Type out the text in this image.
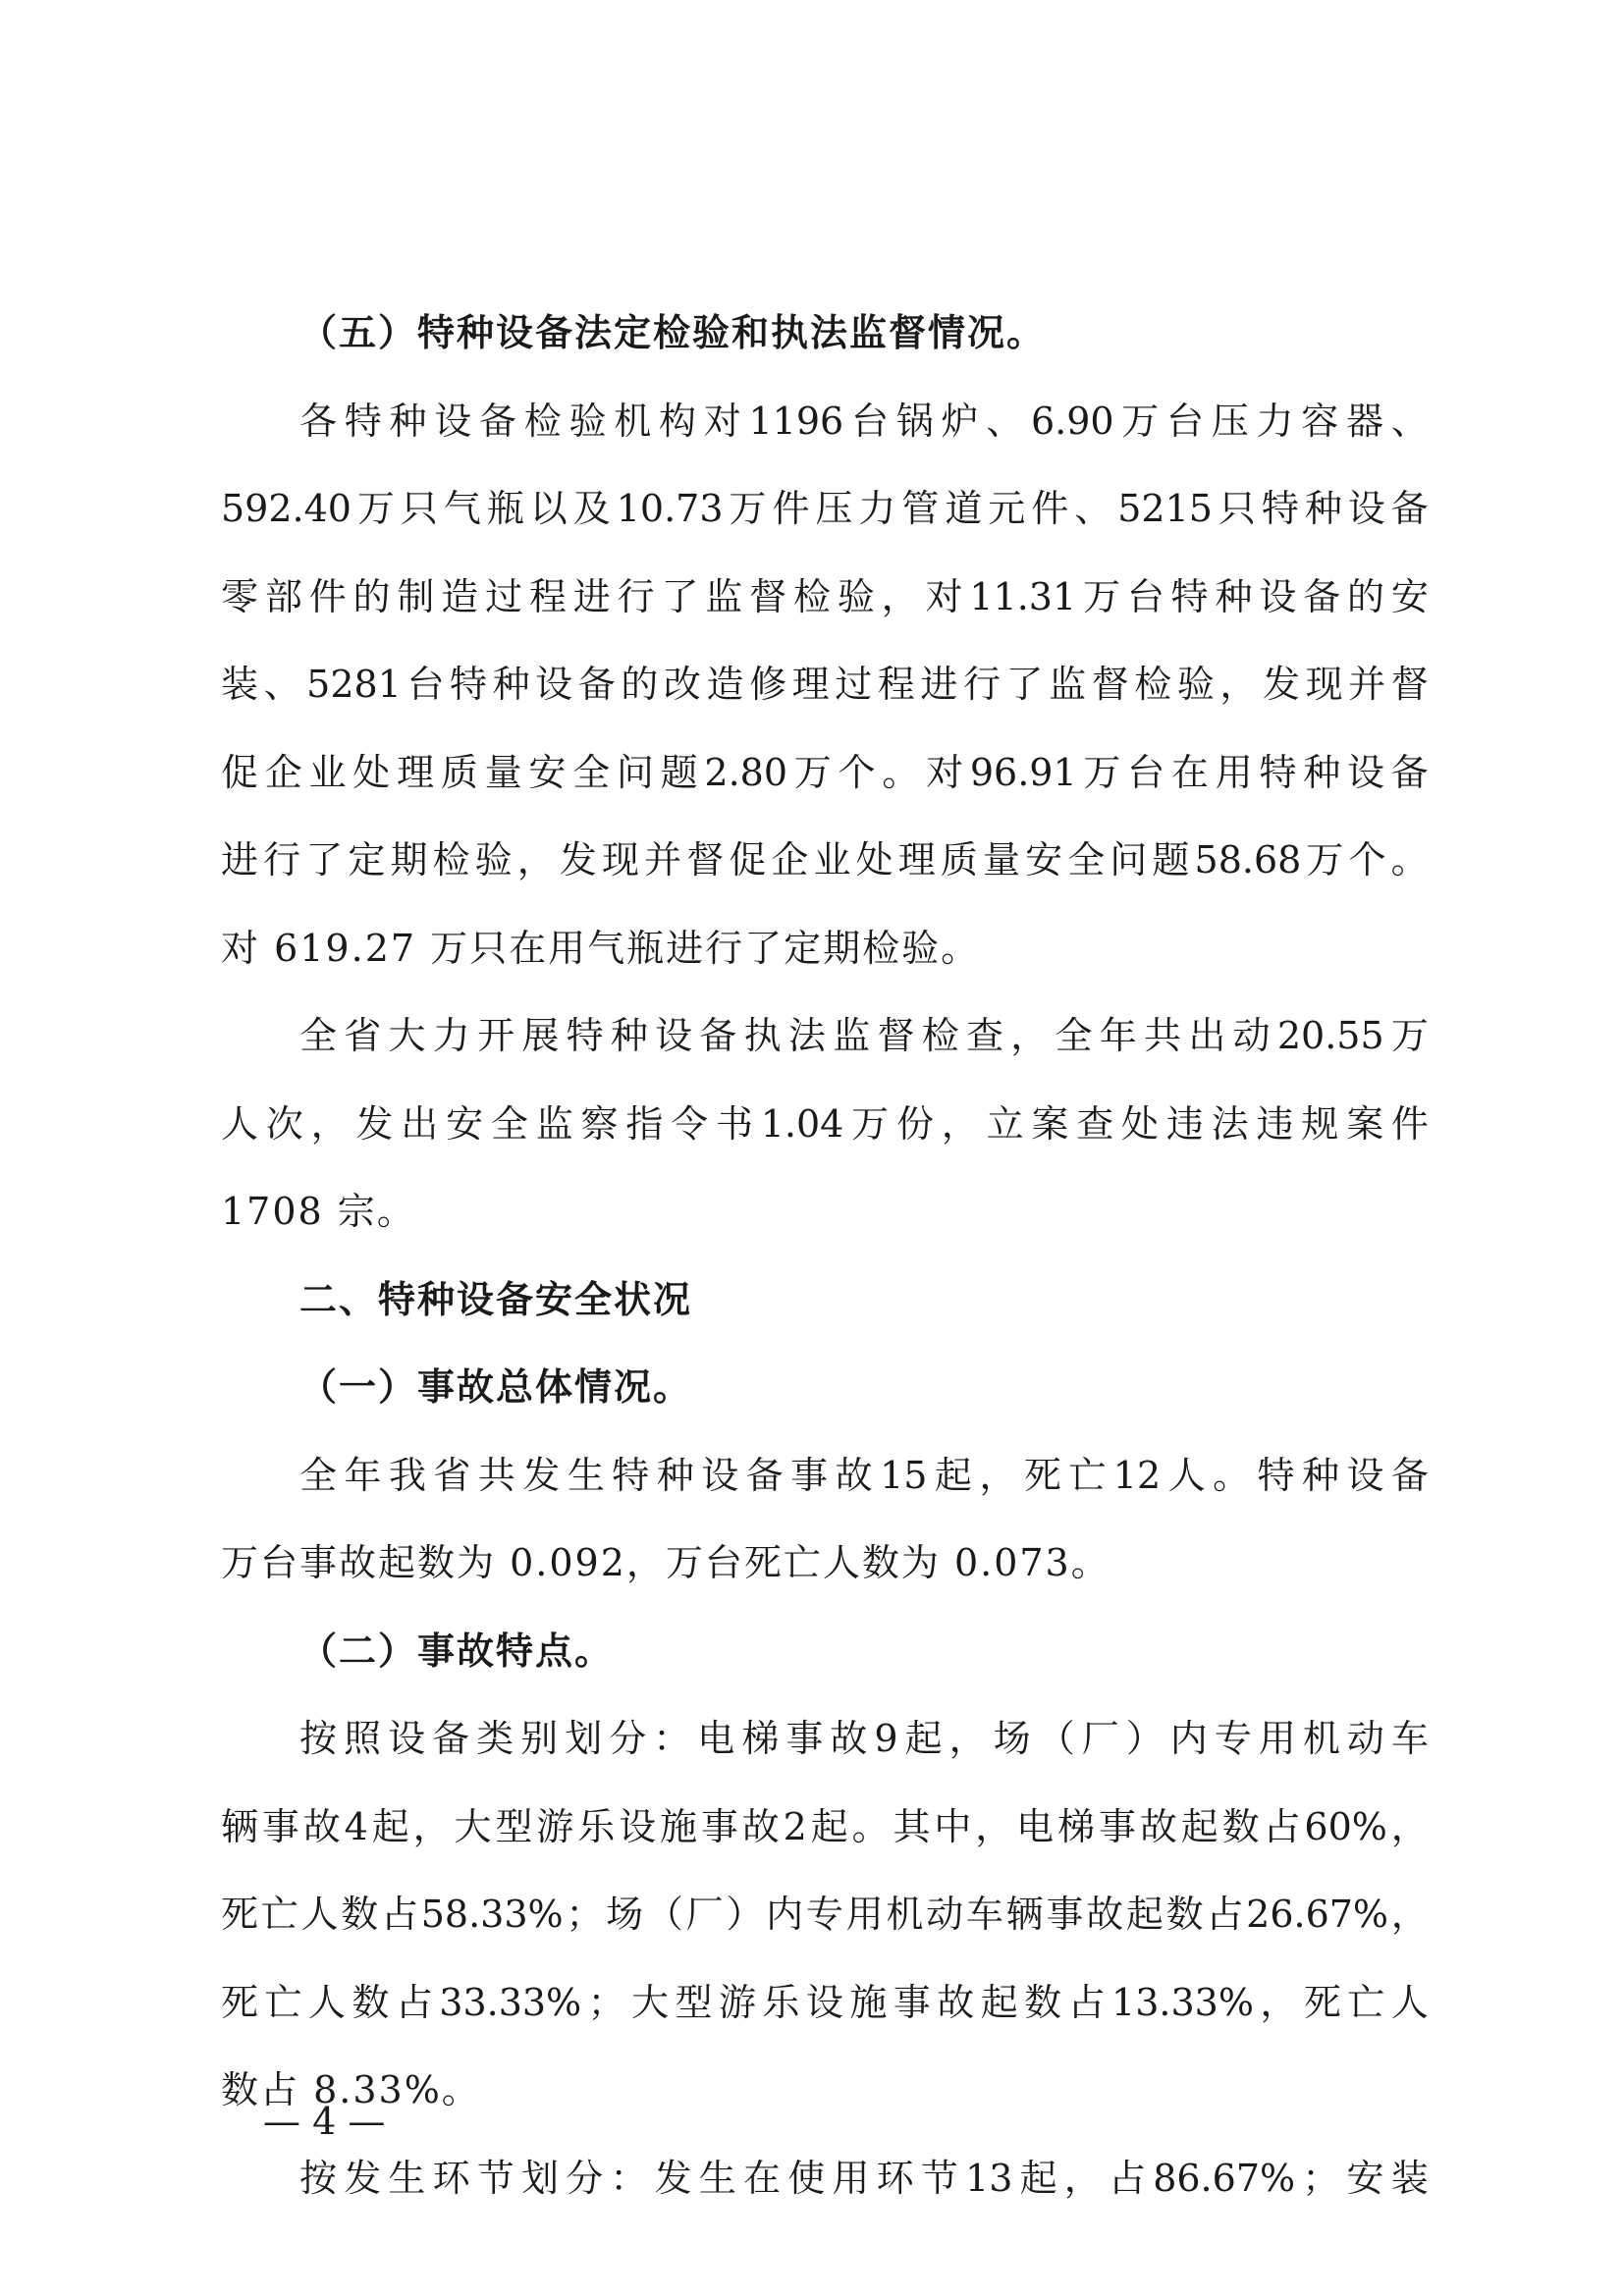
（五）特种设备法定检验和执法监督情况。
各 特 种 设 备 检 验 机 构 对 1196 台 锅 炉 、 6.90 万 台 压 力 容 器 、
592.40 万 只 气 瓶 以 及 10.73 万 件 压 力 管 道 元 件 、 5215 只 特 种 设 备
零 部 件 的 制 造 过 程 进 行 了 监 督 检 验 ， 对 11.31 万 台 特 种 设 备 的 安
装 、 5281 台 特 种 设 备 的 改 造 修 理 过 程 进 行 了 监 督 检 验 ， 发 现 并 督
促 企 业 处 理 质 量 安 全 问 题 2.80 万 个 。 对 96.91 万 台 在 用 特 种 设 备
进 行 了 定 期 检 验 ， 发 现 并 督 促 企 业 处 理 质 量 安 全 问 题 58.68 万 个 。
对 619.27 万只在用气瓶进行了定期检验。
全 省 大 力 开 展 特 种 设 备 执 法 监 督 检 查 ， 全 年 共 出 动 20.55 万
人 次 ， 发 出 安 全 监 察 指 令 书 1.04 万 份 ， 立 案 查 处 违 法 违 规 案 件
1708 宗。
二、特种设备安全状况
（一）事故总体情况。
全 年 我 省 共 发 生 特 种 设 备 事 故 15 起 ， 死 亡 12 人 。 特 种 设 备
万台事故起数为 0.092，万台死亡人数为 0.073。
（二）事故特点。
按 照 设 备 类 别 划 分 ： 电 梯 事 故 9 起 ， 场 （ 厂 ） 内 专 用 机 动 车
辆 事 故 4 起 ， 大 型 游 乐 设 施 事 故 2 起 。 其 中 ， 电 梯 事 故 起 数 占 60% ，
死 亡 人 数 占 58.33% ； 场 （ 厂 ） 内 专 用 机 动 车 辆 事 故 起 数 占 26.67% ，
死 亡 人 数 占 33.33% ； 大 型 游 乐 设 施 事 故 起 数 占 13.33% ， 死 亡 人
数占 8.33%。
按 发 生 环 节 划 分 ： 发 生 在 使 用 环 节 13 起 ， 占 86.67% ； 安 装
— 4 —
